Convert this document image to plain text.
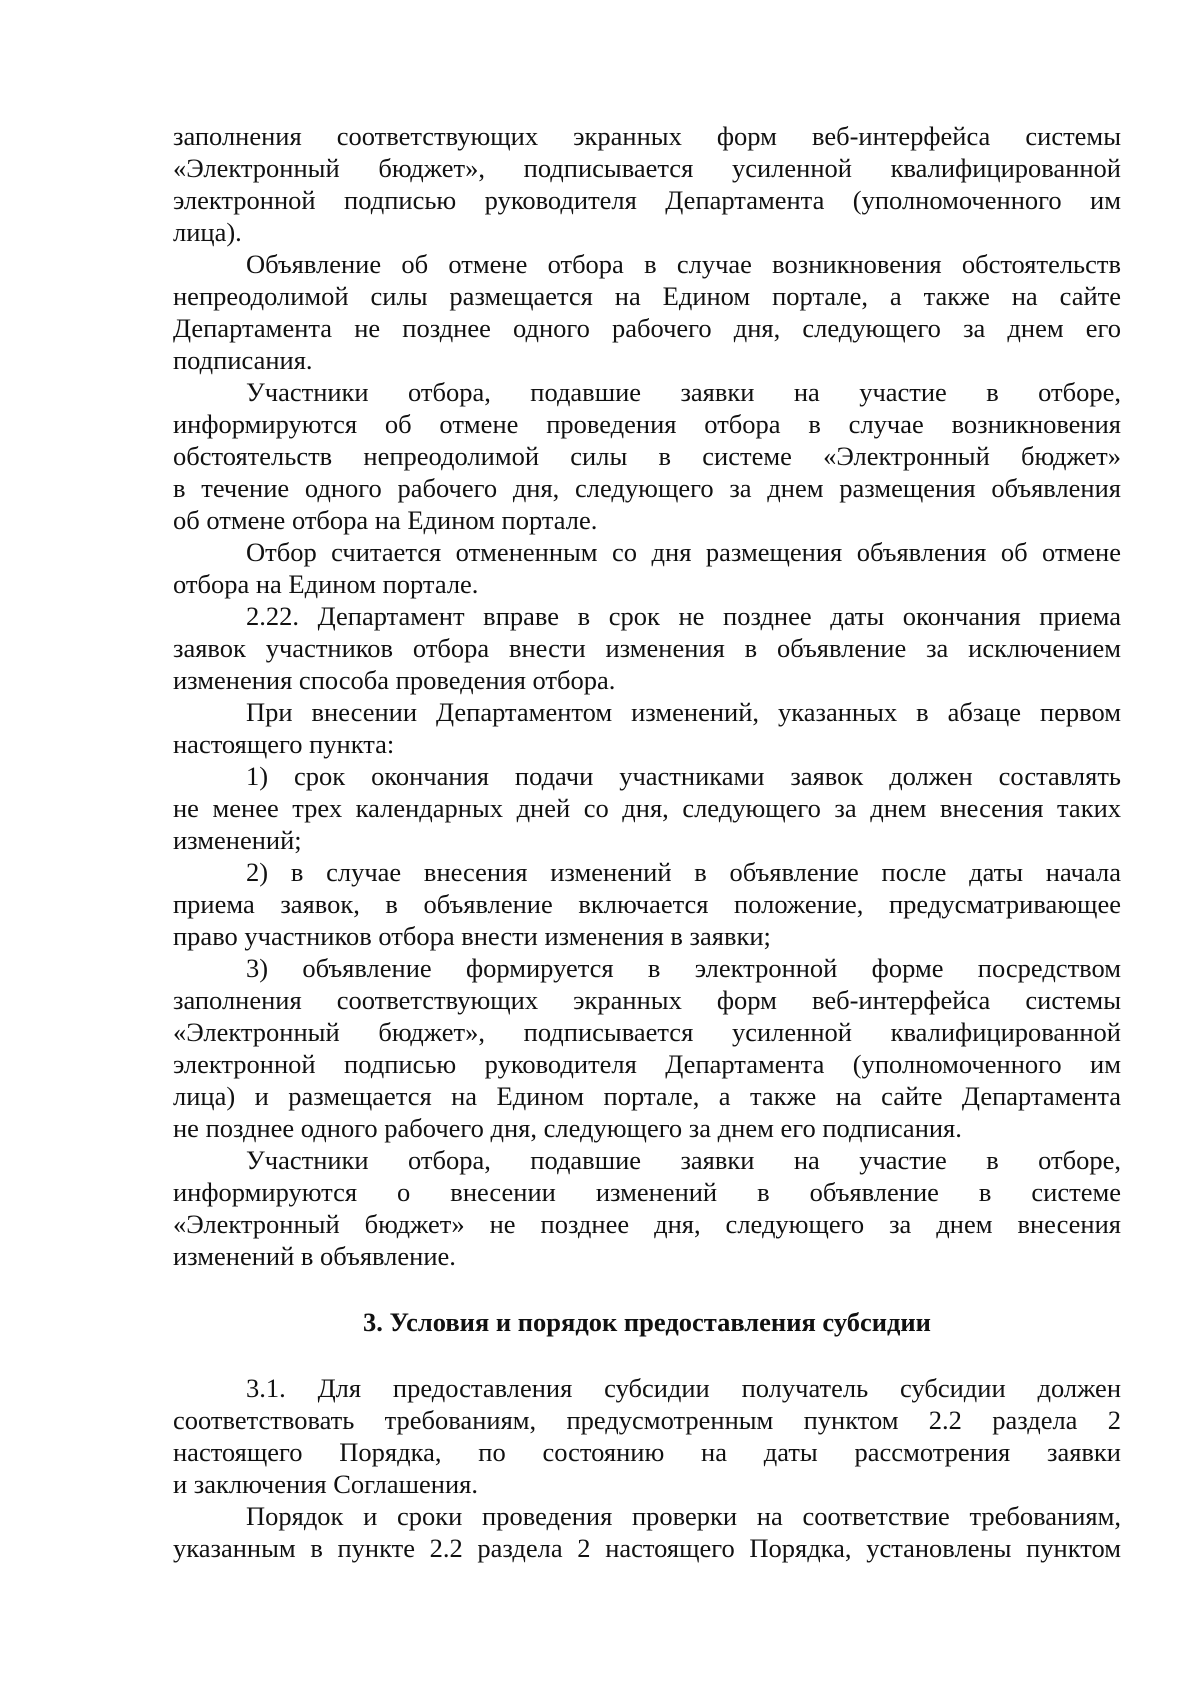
заполнения соответствующих экранных форм веб-интерфейса системы
«Электронный бюджет», подписывается усиленной квалифицированной
электронной подписью руководителя Департамента (уполномоченного им
лица).
Объявление об отмене отбора в случае возникновения обстоятельств
непреодолимой силы размещается на Едином портале, а также на сайте
Департамента не позднее одного рабочего дня, следующего за днем его
подписания.
Участники отбора, подавшие заявки на участие в отборе,
информируются об отмене проведения отбора в случае возникновения
обстоятельств непреодолимой силы в системе «Электронный бюджет»
в течение одного рабочего дня, следующего за днем размещения объявления
об отмене отбора на Едином портале.
Отбор считается отмененным со дня размещения объявления об отмене
отбора на Едином портале.
2.22. Департамент вправе в срок не позднее даты окончания приема
заявок участников отбора внести изменения в объявление за исключением
изменения способа проведения отбора.
При внесении Департаментом изменений, указанных в абзаце первом
настоящего пункта:
1) срок окончания подачи участниками заявок должен составлять
не менее трех календарных дней со дня, следующего за днем внесения таких
изменений;
2) в случае внесения изменений в объявление после даты начала
приема заявок, в объявление включается положение, предусматривающее
право участников отбора внести изменения в заявки;
3) объявление формируется в электронной форме посредством
заполнения соответствующих экранных форм веб-интерфейса системы
«Электронный бюджет», подписывается усиленной квалифицированной
электронной подписью руководителя Департамента (уполномоченного им
лица) и размещается на Едином портале, а также на сайте Департамента
не позднее одного рабочего дня, следующего за днем его подписания.
Участники отбора, подавшие заявки на участие в отборе,
информируются о внесении изменений в объявление в системе
«Электронный бюджет» не позднее дня, следующего за днем внесения
изменений в объявление.
3. Условия и порядок предоставления субсидии
3.1. Для предоставления субсидии получатель субсидии должен
соответствовать требованиям, предусмотренным пунктом 2.2 раздела 2
настоящего Порядка, по состоянию на даты рассмотрения заявки
и заключения Соглашения.
Порядок и сроки проведения проверки на соответствие требованиям,
указанным в пункте 2.2 раздела 2 настоящего Порядка, установлены пунктом
